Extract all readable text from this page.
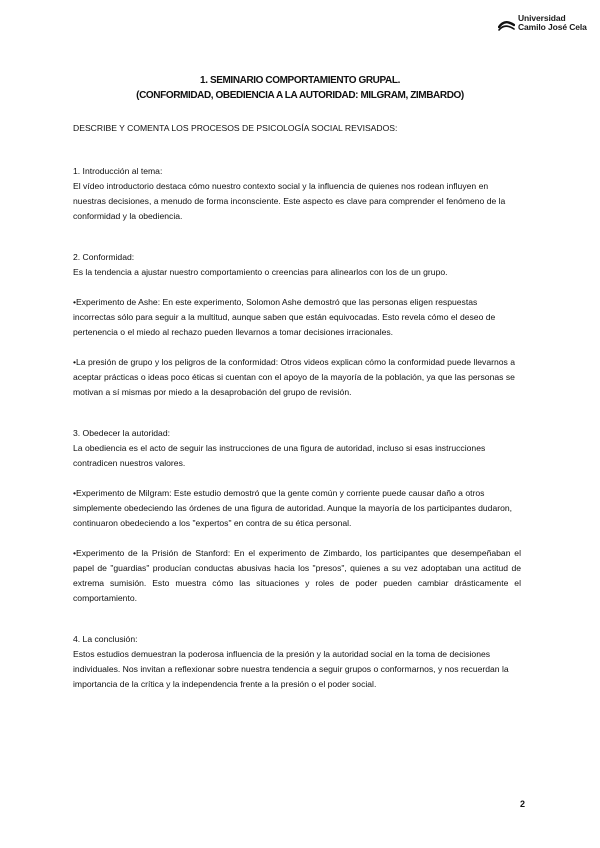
Universidad
Camilo José Cela
1. SEMINARIO COMPORTAMIENTO GRUPAL.
(CONFORMIDAD, OBEDIENCIA A LA AUTORIDAD: MILGRAM, ZIMBARDO)

DESCRIBE Y COMENTA LOS PROCESOS DE PSICOLOGÍA SOCIAL REVISADOS:

1. Introducción al tema:

El vídeo introductorio destaca cómo nuestro contexto social y la influencia de quienes nos rodean influyen en nuestras decisiones, a menudo de forma inconsciente. Este aspecto es clave para comprender el fenómeno de la conformidad y la obediencia.

2. Conformidad:

Es la tendencia a ajustar nuestro comportamiento o creencias para alinearlos con los de un grupo.

•Experimento de Ashe: En este experimento, Solomon Ashe demostró que las personas eligen respuestas incorrectas sólo para seguir a la multitud, aunque saben que están equivocadas. Esto revela cómo el deseo de pertenencia o el miedo al rechazo pueden llevarnos a tomar decisiones irracionales.

•La presión de grupo y los peligros de la conformidad: Otros videos explican cómo la conformidad puede llevarnos a aceptar prácticas o ideas poco éticas si cuentan con el apoyo de la mayoría de la población, ya que las personas se motivan a sí mismas por miedo a la desaprobación del grupo de revisión.

3. Obedecer la autoridad:

La obediencia es el acto de seguir las instrucciones de una figura de autoridad, incluso si esas instrucciones contradicen nuestros valores.

•Experimento de Milgram: Este estudio demostró que la gente común y corriente puede causar daño a otros simplemente obedeciendo las órdenes de una figura de autoridad. Aunque la mayoría de los participantes dudaron, continuaron obedeciendo a los "expertos" en contra de su ética personal.

•Experimento de la Prisión de Stanford: En el experimento de Zimbardo, los participantes que desempeñaban el papel de "guardias" producían conductas abusivas hacia los "presos", quienes a su vez adoptaban una actitud de extrema sumisión. Esto muestra cómo las situaciones y roles de poder pueden cambiar drásticamente el comportamiento.

4. La conclusión:

Estos estudios demuestran la poderosa influencia de la presión y la autoridad social en la toma de decisiones individuales. Nos invitan a reflexionar sobre nuestra tendencia a seguir grupos o conformarnos, y nos recuerdan la importancia de la crítica y la independencia frente a la presión o el poder social.

2
